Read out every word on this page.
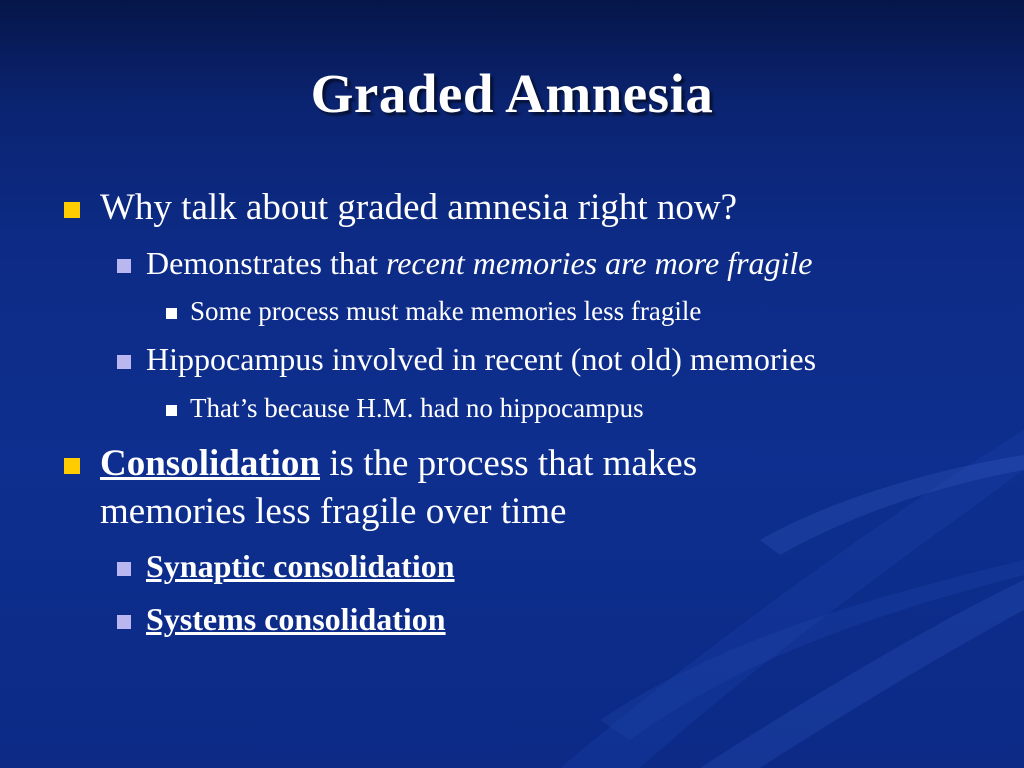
Graded Amnesia
Why talk about graded amnesia right now?
Demonstrates that recent memories are more fragile
Some process must make memories less fragile
Hippocampus involved in recent (not old) memories
That’s because H.M. had no hippocampus
Consolidation is the process that makes
memories less fragile over time
Synaptic consolidation
Systems consolidation
